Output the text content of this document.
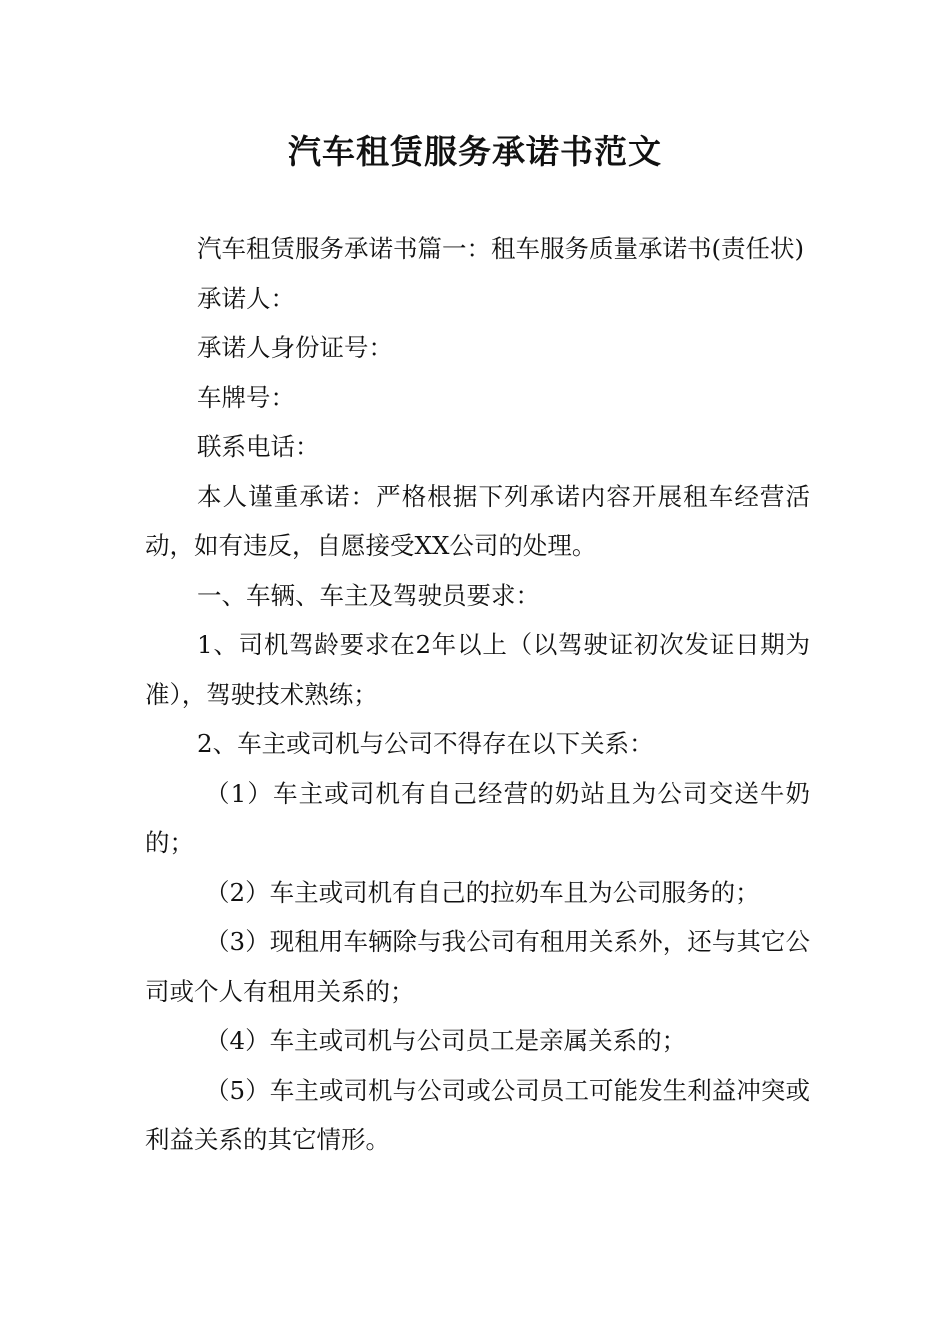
汽车租赁服务承诺书范文

汽车租赁服务承诺书篇一：租车服务质量承诺书(责任状)

承诺人：

承诺人身份证号：

车牌号：

联系电话：

本人谨重承诺：严格根据下列承诺内容开展租车经营活动，如有违反，自愿接受XX公司的处理。

一、车辆、车主及驾驶员要求：

1、司机驾龄要求在2年以上（以驾驶证初次发证日期为准），驾驶技术熟练；

2、车主或司机与公司不得存在以下关系：

（1）车主或司机有自己经营的奶站且为公司交送牛奶的；

（2）车主或司机有自己的拉奶车且为公司服务的；

（3）现租用车辆除与我公司有租用关系外，还与其它公司或个人有租用关系的；

（4）车主或司机与公司员工是亲属关系的；

（5）车主或司机与公司或公司员工可能发生利益冲突或利益关系的其它情形。
